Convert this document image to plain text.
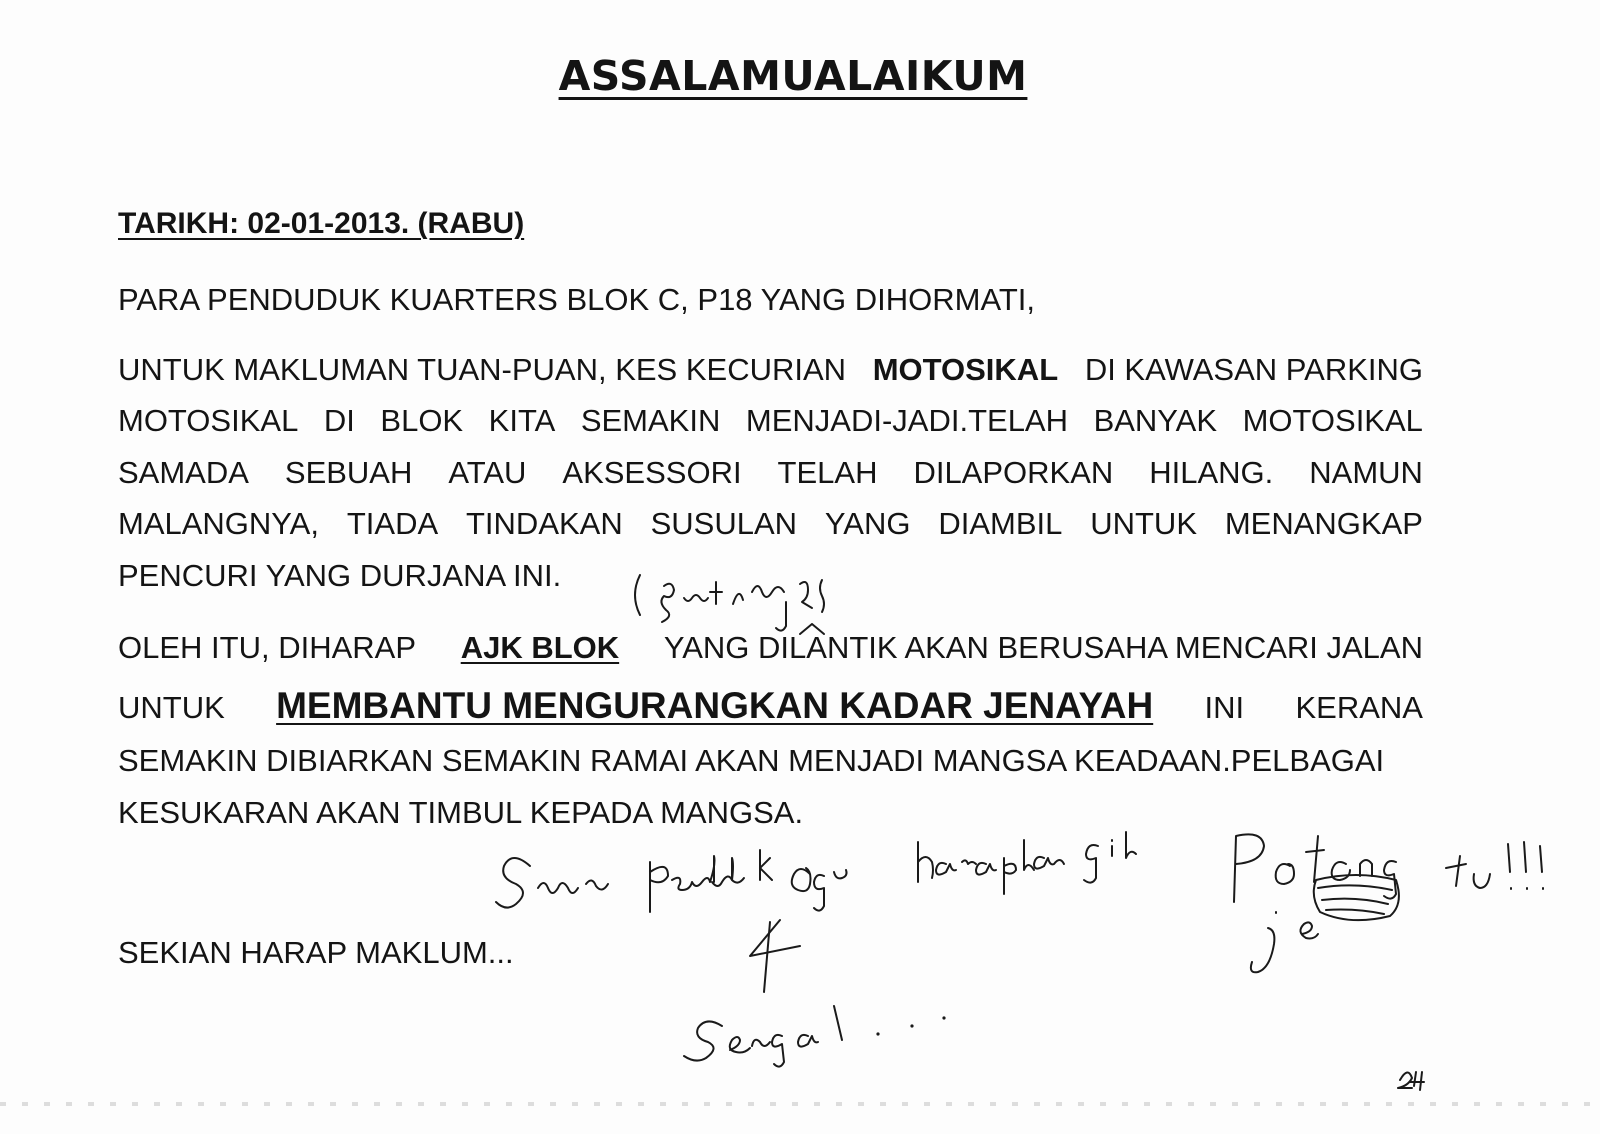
ASSALAMUALAIKUM
TARIKH: 02-01-2013. (RABU)
PARA PENDUDUK KUARTERS BLOK C, P18 YANG DIHORMATI,
UNTUK MAKLUMAN TUAN-PUAN, KES KECURIAN MOTOSIKAL DI KAWASAN PARKING
MOTOSIKAL DI BLOK KITA SEMAKIN MENJADI-JADI.TELAH BANYAK MOTOSIKAL
SAMADA SEBUAH ATAU AKSESSORI TELAH DILAPORKAN HILANG. NAMUN
MALANGNYA, TIADA TINDAKAN SUSULAN YANG DIAMBIL UNTUK MENANGKAP
PENCURI YANG DURJANA INI.
OLEH ITU, DIHARAP AJK BLOK YANG DILANTIK AKAN BERUSAHA MENCARI JALAN
UNTUK MEMBANTU MENGURANGKAN KADAR JENAYAH INI KERANA
SEMAKIN DIBIARKAN SEMAKIN RAMAI AKAN MENJADI MANGSA KEADAAN.PELBAGAI
KESUKARAN AKAN TIMBUL KEPADA MANGSA.
SEKIAN HARAP MAKLUM...
